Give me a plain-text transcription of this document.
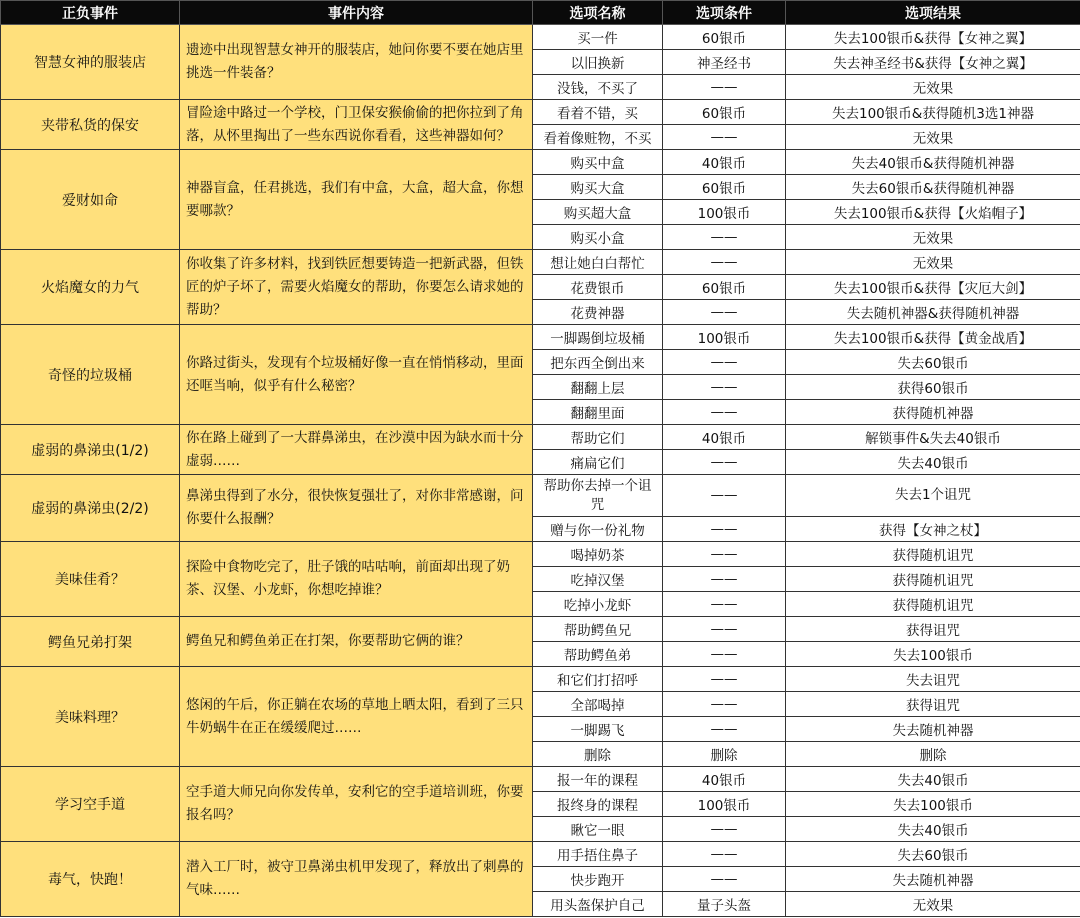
正负事件	事件内容	选项名称	选项条件	选项结果
智慧女神的服装店	遗迹中出现智慧女神开的服装店，她问你要不要在她店里挑选一件装备？	买一件	60银币	失去100银币&获得【女神之翼】
		以旧换新	神圣经书	失去神圣经书&获得【女神之翼】
		没钱，不买了	——	无效果
夹带私货的保安	冒险途中路过一个学校，门卫保安猴偷偷的把你拉到了角落，从怀里掏出了一些东西说你看看，这些神器如何？	看着不错，买	60银币	失去100银币&获得随机3选1神器
		看着像赃物，不买	——	无效果
爱财如命	神器盲盒，任君挑选，我们有中盒，大盒，超大盒，你想要哪款？	购买中盒	40银币	失去40银币&获得随机神器
		购买大盒	60银币	失去60银币&获得随机神器
		购买超大盒	100银币	失去100银币&获得【火焰帽子】
		购买小盒	——	无效果
火焰魔女的力气	你收集了许多材料，找到铁匠想要铸造一把新武器，但铁匠的炉子坏了，需要火焰魔女的帮助，你要怎么请求她的帮助？	想让她白白帮忙	——	无效果
		花费银币	60银币	失去100银币&获得【灾厄大剑】
		花费神器	——	失去随机神器&获得随机神器
奇怪的垃圾桶	你路过街头，发现有个垃圾桶好像一直在悄悄移动，里面还哐当响，似乎有什么秘密？	一脚踢倒垃圾桶	100银币	失去100银币&获得【黄金战盾】
		把东西全倒出来	——	失去60银币
		翻翻上层	——	获得60银币
		翻翻里面	——	获得随机神器
虚弱的鼻涕虫(1/2)	你在路上碰到了一大群鼻涕虫，在沙漠中因为缺水而十分虚弱……	帮助它们	40银币	解锁事件&失去40银币
		痛扁它们	——	失去40银币
虚弱的鼻涕虫(2/2)	鼻涕虫得到了水分，很快恢复强壮了，对你非常感谢，问你要什么报酬？	帮助你去掉一个诅咒	——	失去1个诅咒
		赠与你一份礼物	——	获得【女神之杖】
美味佳肴？	探险中食物吃完了，肚子饿的咕咕响，前面却出现了奶茶、汉堡、小龙虾，你想吃掉谁？	喝掉奶茶	——	获得随机诅咒
		吃掉汉堡	——	获得随机诅咒
		吃掉小龙虾	——	获得随机诅咒
鳄鱼兄弟打架	鳄鱼兄和鳄鱼弟正在打架，你要帮助它俩的谁？	帮助鳄鱼兄	——	获得诅咒
		帮助鳄鱼弟	——	失去100银币
美味料理？	悠闲的午后，你正躺在农场的草地上晒太阳，看到了三只牛奶蜗牛在正在缓缓爬过……	和它们打招呼	——	失去诅咒
		全部喝掉	——	获得诅咒
		一脚踢飞	——	失去随机神器
		删除	删除	删除
学习空手道	空手道大师兄向你发传单，安利它的空手道培训班，你要报名吗？	报一年的课程	40银币	失去40银币
		报终身的课程	100银币	失去100银币
		瞅它一眼	——	失去40银币
毒气，快跑！	潜入工厂时，被守卫鼻涕虫机甲发现了，释放出了刺鼻的气味……	用手捂住鼻子	——	失去60银币
		快步跑开	——	失去随机神器
		用头盔保护自己	量子头盔	无效果
